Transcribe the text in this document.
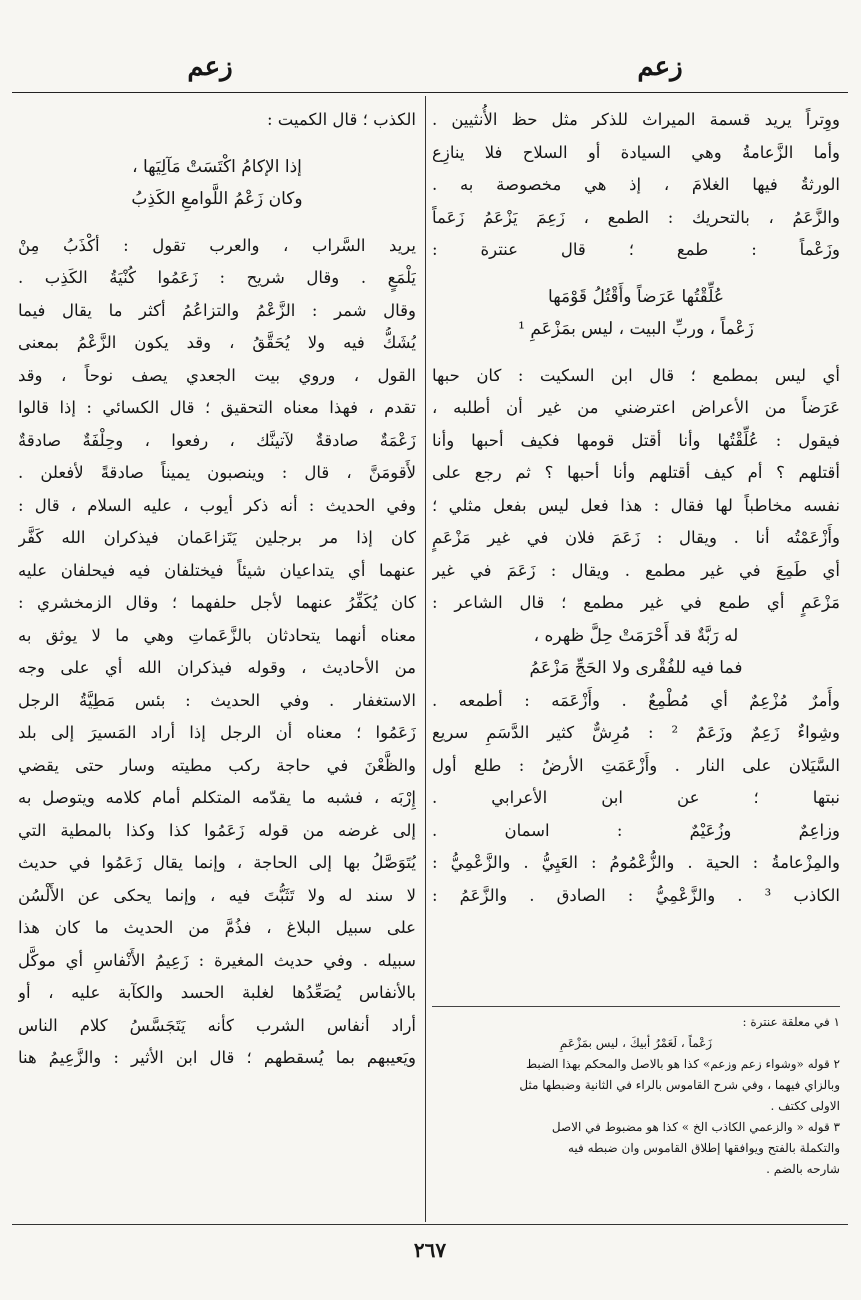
زعم
زعم
ووِتراً يريد قسمة الميراث للذكر مثل حظ الأُنثيين .
وأما الزَّعامةُ وهي السيادة أو السلاح فلا ينازِع
الورثةُ فيها الغلامَ ، إذ هي مخصوصة به .
والزَّعَمُ ، بالتحريك : الطمع ، زَعِمَ يَزْعَمُ زَعَماً
وزَعْماً : طمع ؛ قال عنترة :
عُلِّقْتُها عَرَضاً وأَقْتُلُ قَوْمَها
زَعْماً ، وربِّ البيت ، ليس بمَزْعَمِ ¹
أي ليس بمطمع ؛ قال ابن السكيت : كان حبها
عَرَضاً من الأعراض اعترضني من غير أن أطلبه ،
فيقول : عُلِّقْتُها وأنا أقتل قومها فكيف أحبها وأنا
أقتلهم ؟ أم كيف أقتلهم وأنا أحبها ؟ ثم رجع على
نفسه مخاطباً لها فقال : هذا فعل ليس بفعل مثلي ؛
وأَزْعَمْتُه أنا . ويقال : زَعَمَ فلان في غير مَزْعَمٍ
أي طَمِعَ في غير مطمع . ويقال : زَعَمَ في غير
مَزْعَمٍ أي طمع في غير مطمع ؛ قال الشاعر :
له رَبَّةٌ قد أَحْرَمَتْ حِلَّ ظهره ،
فما فيه للفُقْرى ولا الحَجِّ مَزْعَمُ
وأَمرٌ مُزْعِمٌ أي مُطْمِعٌ . وأَزْعَمَه : أطمعه .
وشِواءٌ زَعِمٌ وزَعَمٌ ² : مُرِشٌّ كثير الدَّسَمِ سريع
السَّيَلان على النار . وأَزْعَمَتِ الأرضُ : طلع أول
نبتها ؛ عن ابن الأعرابي .
وزاعِمٌ وزُعَيْمٌ : اسمان .
والمِزْعامةُ : الحية . والزُّعْمُومُ : العَيِيُّ . والزَّعْمِيُّ :
الكاذب ³ . والزَّعْمِيُّ : الصادق . والزَّعَمُ :
١ في معلقة عنترة :
زَعْماً ، لَعَمْرُ أبيكَ ، ليس بمَزْعَمِ
٢ قوله «وشواء زعم وزعم» كذا هو بالاصل والمحكم بهذا الضبط
وبالزاي فيهما ، وفي شرح القاموس بالراء في الثانية وضبطها مثل
الاولى ككتف .
٣ قوله « والزعمي الكاذب الخ » كذا هو مضبوط في الاصل
والتكملة بالفتح ويوافقها إطلاق القاموس وان ضبطه فيه
شارحه بالضم .
الكذب ؛ قال الكميت :
إذا الإكامُ اكْتَسَتْ مَآلِيَها ،
وكان زَعْمُ اللَّوامعِ الكَذِبُ
يريد السَّراب ، والعرب تقول : أكْذَبُ مِنْ
يَلْمَعٍ . وقال شريح : زَعَمُوا كُنْيَةُ الكَذِب .
وقال شمر : الزَّعْمُ والتزاعُمُ أكثر ما يقال فيما
يُشَكُّ فيه ولا يُحَقَّقُ ، وقد يكون الزَّعْمُ بمعنى
القول ، وروي بيت الجعدي يصف نوحاً ، وقد
تقدم ، فهذا معناه التحقيق ؛ قال الكسائي : إذا قالوا
زَعْمَةٌ صادقةٌ لآتينَّك ، رفعوا ، وحِلْفَةٌ صادقةٌ
لأَقومَنَّ ، قال : وينصبون يميناً صادقةً لأفعلن .
وفي الحديث : أنه ذكر أيوب ، عليه السلام ، قال :
كان إذا مر برجلين يَتَزاعَمان فيذكران الله كَفَّر
عنهما أي يتداعيان شيئاً فيختلفان فيه فيحلفان عليه
كان يُكَفِّرُ عنهما لأجل حلفهما ؛ وقال الزمخشري :
معناه أنهما يتحادثان بالزَّعَماتِ وهي ما لا يوثق به
من الأحاديث ، وقوله فيذكران الله أي على وجه
الاستغفار . وفي الحديث : بئس مَطِيَّةُ الرجل
زَعَمُوا ؛ معناه أن الرجل إذا أراد المَسيرَ إلى بلد
والظَّعْنَ في حاجة ركب مطيته وسار حتى يقضي
إِرْبَه ، فشبه ما يقدّمه المتكلم أمام كلامه ويتوصل به
إلى غرضه من قوله زَعَمُوا كذا وكذا بالمطية التي
يُتَوَصَّلُ بها إلى الحاجة ، وإنما يقال زَعَمُوا في حديث
لا سند له ولا تَثَبُّتَ فيه ، وإنما يحكى عن الأَلْسُن
على سبيل البلاغ ، فذُمَّ من الحديث ما كان هذا
سبيله . وفي حديث المغيرة : زَعِيمُ الأَنْفاسِ أي موكَّل
بالأنفاس يُصَعِّدُها لغلبة الحسد والكآبة عليه ، أو
أراد أنفاس الشرب كأنه يَتَجَسَّسُ كلام الناس
ويَعيبهم بما يُسقطهم ؛ قال ابن الأثير : والزَّعِيمُ هنا
٢٦٧
